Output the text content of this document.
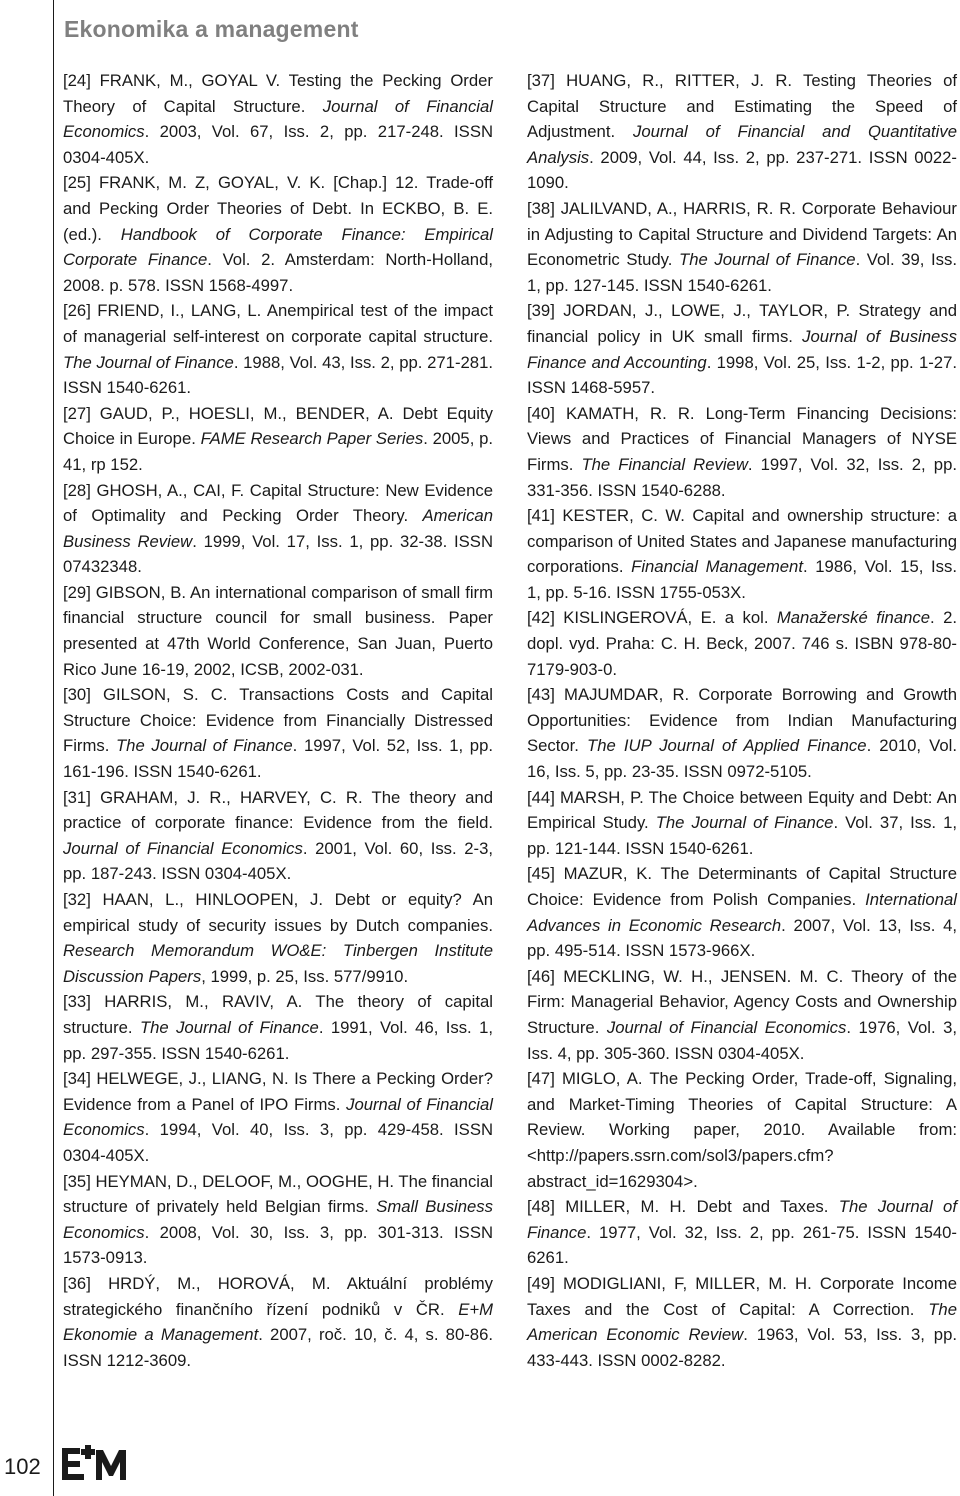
Ekonomika a management

[24] FRANK, M., GOYAL V. Testing the Pecking Order Theory of Capital Structure. Journal of Financial Economics. 2003, Vol. 67, Iss. 2, pp. 217-248. ISSN 0304-405X.

[25] FRANK, M. Z, GOYAL, V. K. [Chap.] 12. Trade-off and Pecking Order Theories of Debt. In ECKBO, B. E. (ed.). Handbook of Corporate Finance: Empirical Corporate Finance. Vol. 2. Amsterdam: North-Holland, 2008. p. 578. ISSN 1568-4997.

[26] FRIEND, I., LANG, L. Anempirical test of the impact of managerial self-interest on corporate capital structure. The Journal of Finance. 1988, Vol. 43, Iss. 2, pp. 271-281. ISSN 1540-6261.

[27] GAUD, P., HOESLI, M., BENDER, A. Debt Equity Choice in Europe. FAME Research Paper Series. 2005, p. 41, rp 152.

[28] GHOSH, A., CAI, F. Capital Structure: New Evidence of Optimality and Pecking Order Theory. American Business Review. 1999, Vol. 17, Iss. 1, pp. 32-38. ISSN 07432348.

[29] GIBSON, B. An international comparison of small firm financial structure council for small business. Paper presented at 47th World Conference, San Juan, Puerto Rico June 16-19, 2002, ICSB, 2002-031.

[30] GILSON, S. C. Transactions Costs and Capital Structure Choice: Evidence from Financially Distressed Firms. The Journal of Finance. 1997, Vol. 52, Iss. 1, pp. 161-196. ISSN 1540-6261.

[31] GRAHAM, J. R., HARVEY, C. R. The theory and practice of corporate finance: Evidence from the field. Journal of Financial Economics. 2001, Vol. 60, Iss. 2-3, pp. 187-243. ISSN 0304-405X.

[32] HAAN, L., HINLOOPEN, J. Debt or equity? An empirical study of security issues by Dutch companies. Research Memorandum WO&E: Tinbergen Institute Discussion Papers, 1999, p. 25, Iss. 577/9910.

[33] HARRIS, M., RAVIV, A. The theory of capital structure. The Journal of Finance. 1991, Vol. 46, Iss. 1, pp. 297-355. ISSN 1540-6261.

[34] HELWEGE, J., LIANG, N. Is There a Pecking Order? Evidence from a Panel of IPO Firms. Journal of Financial Economics. 1994, Vol. 40, Iss. 3, pp. 429-458. ISSN 0304-405X.

[35] HEYMAN, D., DELOOF, M., OOGHE, H. The financial structure of privately held Belgian firms. Small Business Economics. 2008, Vol. 30, Iss. 3, pp. 301-313. ISSN 1573-0913.

[36] HRDÝ, M., HOROVÁ, M. Aktuální problémy strategického finančního řízení podniků v ČR. E+M Ekonomie a Management. 2007, roč. 10, č. 4, s. 80-86. ISSN 1212-3609.

[37] HUANG, R., RITTER, J. R. Testing Theories of Capital Structure and Estimating the Speed of Adjustment. Journal of Financial and Quantitative Analysis. 2009, Vol. 44, Iss. 2, pp. 237-271. ISSN 0022-1090.

[38] JALILVAND, A., HARRIS, R. R. Corporate Behaviour in Adjusting to Capital Structure and Dividend Targets: An Econometric Study. The Journal of Finance. Vol. 39, Iss. 1, pp. 127-145. ISSN 1540-6261.

[39] JORDAN, J., LOWE, J., TAYLOR, P. Strategy and financial policy in UK small firms. Journal of Business Finance and Accounting. 1998, Vol. 25, Iss. 1-2, pp. 1-27. ISSN 1468-5957.

[40] KAMATH, R. R. Long-Term Financing Decisions: Views and Practices of Financial Managers of NYSE Firms. The Financial Review. 1997, Vol. 32, Iss. 2, pp. 331-356. ISSN 1540-6288.

[41] KESTER, C. W. Capital and ownership structure: a comparison of United States and Japanese manufacturing corporations. Financial Management. 1986, Vol. 15, Iss. 1, pp. 5-16. ISSN 1755-053X.

[42] KISLINGEROVÁ, E. a kol. Manažerské finance. 2. dopl. vyd. Praha: C. H. Beck, 2007. 746 s. ISBN 978-80-7179-903-0.

[43] MAJUMDAR, R. Corporate Borrowing and Growth Opportunities: Evidence from Indian Manufacturing Sector. The IUP Journal of Applied Finance. 2010, Vol. 16, Iss. 5, pp. 23-35. ISSN 0972-5105.

[44] MARSH, P. The Choice between Equity and Debt: An Empirical Study. The Journal of Finance. Vol. 37, Iss. 1, pp. 121-144. ISSN 1540-6261.

[45] MAZUR, K. The Determinants of Capital Structure Choice: Evidence from Polish Companies. International Advances in Economic Research. 2007, Vol. 13, Iss. 4, pp. 495-514. ISSN 1573-966X.

[46] MECKLING, W. H., JENSEN. M. C. Theory of the Firm: Managerial Behavior, Agency Costs and Ownership Structure. Journal of Financial Economics. 1976, Vol. 3, Iss. 4, pp. 305-360. ISSN 0304-405X.

[47] MIGLO, A. The Pecking Order, Trade-off, Signaling, and Market-Timing Theories of Capital Structure: A Review. Working paper, 2010. Available from: <http://papers.ssrn.com/sol3/papers.cfm?abstract_id=1629304>.

[48] MILLER, M. H. Debt and Taxes. The Journal of Finance. 1977, Vol. 32, Iss. 2, pp. 261-75. ISSN 1540-6261.

[49] MODIGLIANI, F, MILLER, M. H. Corporate Income Taxes and the Cost of Capital: A Correction. The American Economic Review. 1963, Vol. 53, Iss. 3, pp. 433-443. ISSN 0002-8282.

102
